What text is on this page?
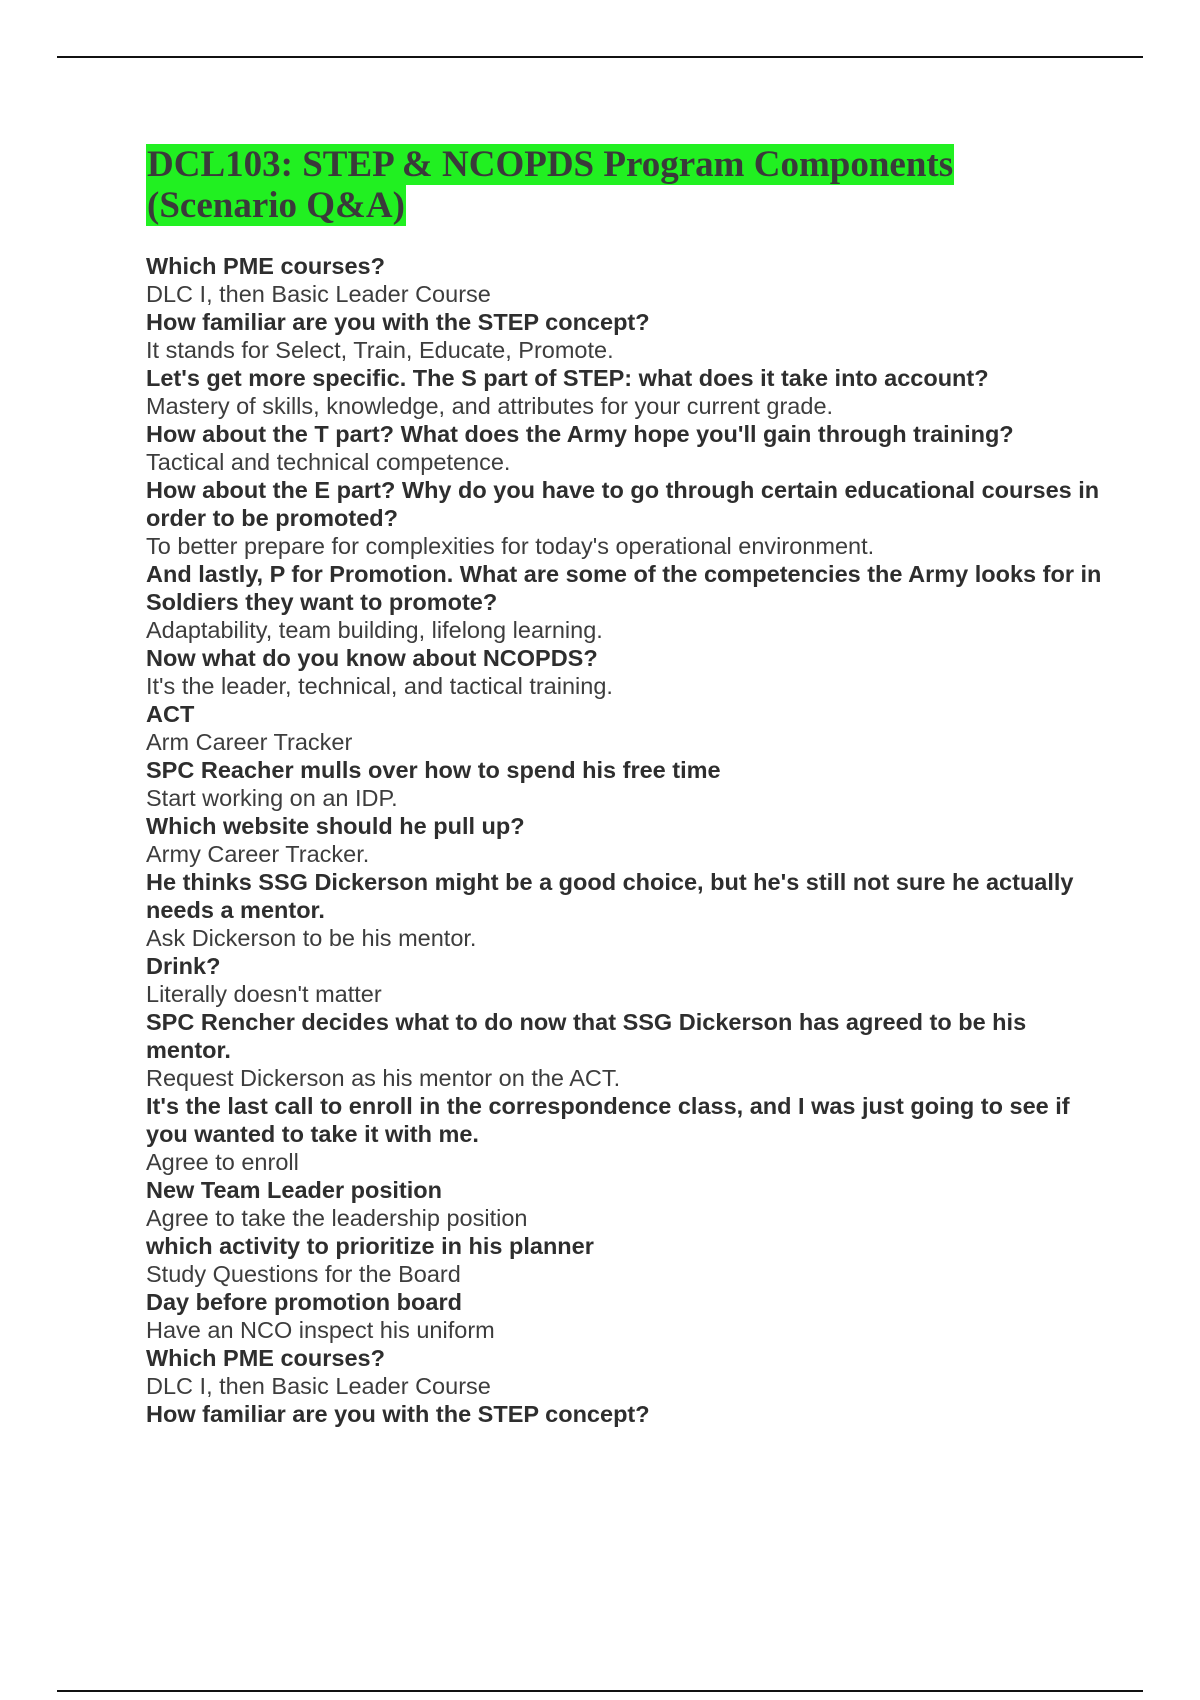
DCL103: STEP & NCOPDS Program Components
(Scenario Q&A)
Which PME courses?
DLC I, then Basic Leader Course
How familiar are you with the STEP concept?
It stands for Select, Train, Educate, Promote.
Let's get more specific. The S part of STEP: what does it take into account?
Mastery of skills, knowledge, and attributes for your current grade.
How about the T part? What does the Army hope you'll gain through training?
Tactical and technical competence.
How about the E part? Why do you have to go through certain educational courses in order to be promoted?
To better prepare for complexities for today's operational environment.
And lastly, P for Promotion. What are some of the competencies the Army looks for in Soldiers they want to promote?
Adaptability, team building, lifelong learning.
Now what do you know about NCOPDS?
It's the leader, technical, and tactical training.
ACT
Arm Career Tracker
SPC Reacher mulls over how to spend his free time
Start working on an IDP.
Which website should he pull up?
Army Career Tracker.
He thinks SSG Dickerson might be a good choice, but he's still not sure he actually needs a mentor.
Ask Dickerson to be his mentor.
Drink?
Literally doesn't matter
SPC Rencher decides what to do now that SSG Dickerson has agreed to be his mentor.
Request Dickerson as his mentor on the ACT.
It's the last call to enroll in the correspondence class, and I was just going to see if you wanted to take it with me.
Agree to enroll
New Team Leader position
Agree to take the leadership position
which activity to prioritize in his planner
Study Questions for the Board
Day before promotion board
Have an NCO inspect his uniform
Which PME courses?
DLC I, then Basic Leader Course
How familiar are you with the STEP concept?
